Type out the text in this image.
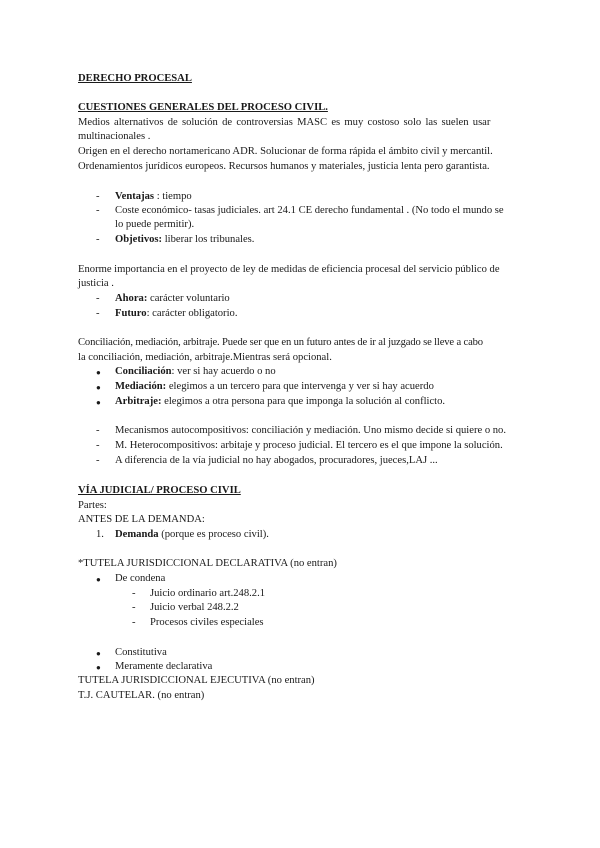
DERECHO PROCESAL
CUESTIONES GENERALES DEL PROCESO CIVIL.
Medios alternativos de solución de controversias MASC es muy costoso solo las suelen usar
multinacionales .
Origen en el derecho nortamericano ADR. Solucionar de forma rápida el ámbito civil y mercantil.
Ordenamientos jurídicos europeos. Recursos humanos y materiales, justicia lenta pero garantista.
- Ventajas : tiempo
- Coste económico- tasas judiciales. art 24.1 CE derecho fundamental . (No todo el mundo se
lo puede permitir).
- Objetivos: liberar los tribunales.
Enorme importancia en el proyecto de ley de medidas de eficiencia procesal del servicio público de
justicia .
- Ahora: carácter voluntario
- Futuro: carácter obligatorio.
Conciliación, mediación, arbitraje. Puede ser que en un futuro antes de ir al juzgado se lleve a cabo
la conciliación, mediación, arbitraje.Mientras será opcional.
● Conciliación: ver si hay acuerdo o no
● Mediación: elegimos a un tercero para que intervenga y ver si hay acuerdo
● Arbitraje: elegimos a otra persona para que imponga la solución al conflicto.
- Mecanismos autocompositivos: conciliación y mediación. Uno mismo decide si quiere o no.
- M. Heterocompositivos: arbitaje y proceso judicial. El tercero es el que impone la solución.
- A diferencia de la vía judicial no hay abogados, procuradores, jueces,LAJ ...
VÍA JUDICIAL/ PROCESO CIVIL
Partes:
ANTES DE LA DEMANDA:
1. Demanda (porque es proceso civil).
*TUTELA JURISDICCIONAL DECLARATIVA (no entran)
● De condena
- Juicio ordinario art.248.2.1
- Juicio verbal 248.2.2
- Procesos civiles especiales
● Constitutiva
● Meramente declarativa
TUTELA JURISDICCIONAL EJECUTIVA (no entran)
T.J. CAUTELAR. (no entran)
